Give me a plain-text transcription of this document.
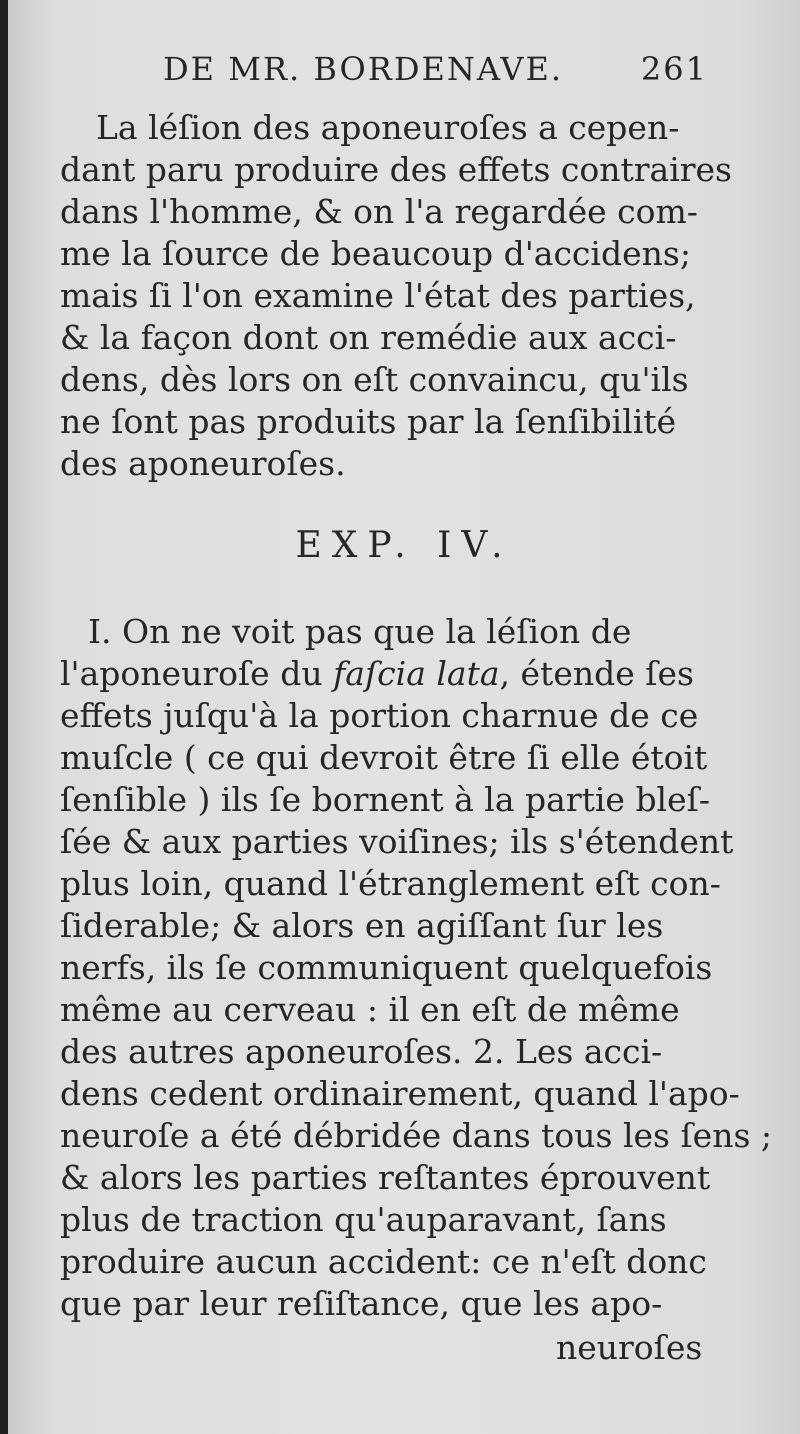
DE MR. BORDENAVE. 261
La léſion des aponeuroſes a cepen-
dant paru produire des effets contraires
dans l'homme, & on l'a regardée com-
me la ſource de beaucoup d'accidens;
mais ſi l'on examine l'état des parties,
& la façon dont on remédie aux acci-
dens, dès lors on eſt convaincu, qu'ils
ne ſont pas produits par la ſenſibilité
des aponeuroſes.
EXP. IV.
I. On ne voit pas que la léſion de
l'aponeuroſe du faſcia lata, étende ſes
effets juſqu'à la portion charnue de ce
muſcle ( ce qui devroit être ſi elle étoit
ſenſible ) ils ſe bornent à la partie bleſ-
ſée & aux parties voiſines; ils s'étendent
plus loin, quand l'étranglement eſt con-
ſiderable; & alors en agiſſant ſur les
nerfs, ils ſe communiquent quelquefois
même au cerveau : il en eſt de même
des autres aponeuroſes. 2. Les acci-
dens cedent ordinairement, quand l'apo-
neuroſe a été débridée dans tous les ſens ;
& alors les parties reſtantes éprouvent
plus de traction qu'auparavant, ſans
produire aucun accident: ce n'eſt donc
que par leur reſiſtance, que les apo-
neuroſes
